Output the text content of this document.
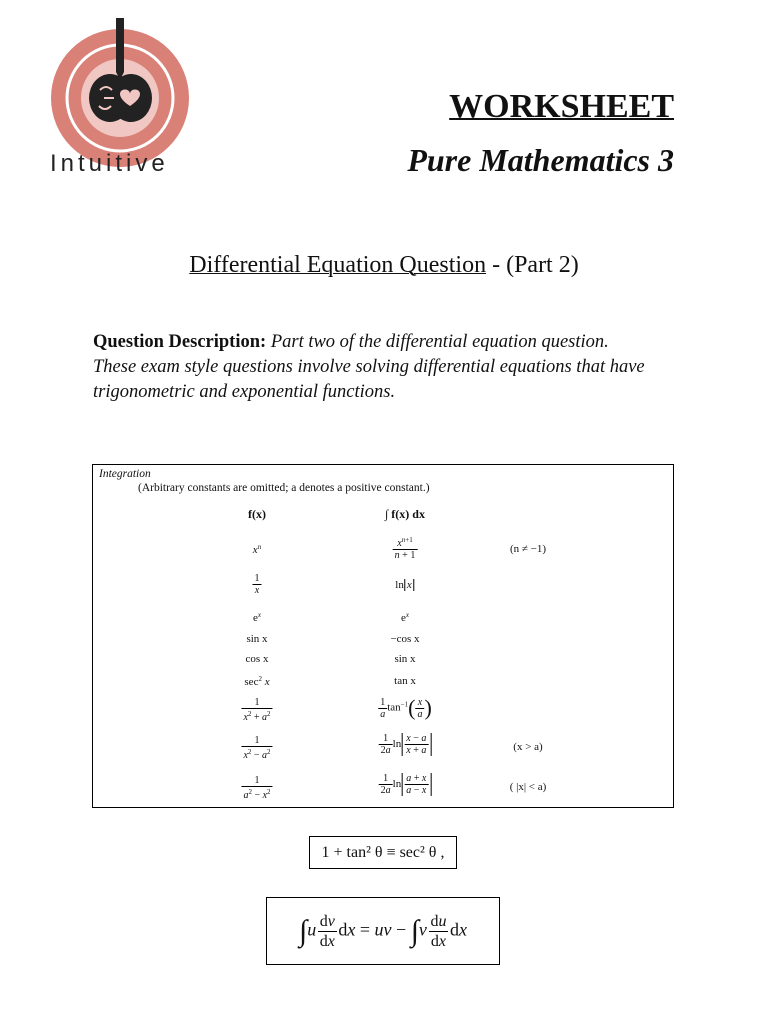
Intuitive

WORKSHEET
Pure Mathematics 3

Differential Equation Question - (Part 2)

Question Description: Part two of the differential equation question. These exam style questions involve solving differential equations that have trigonometric and exponential functions.

Integration

(Arbitrary constants are omitted; a denotes a positive constant.)

f(x)	∫ f(x) dx
$x^n$	$\frac{x^{n+1}}{n + 1}$	(n ≠ −1)
$\frac{1}{x}$	ln x
$e^x$	$e^x$
sin x	−cos x
cos x	sin x
$\sec^2 x$	tan x
$\frac{1}{x^2 + a^2}$	$\frac{1}{a} \tan^{-1}( \frac{x}{a}$ )
$\frac{1}{x^2 - a^2}$	$\frac{1}{2a}$ $\ln \frac{x - a}{x + a}$	(x > a)
$\frac{1}{a^2 - x^2}$	$\frac{1}{2a}$ $\ln \frac{a + x}{a - x}$	( |x| < a)
1 + tan² θ ≡ sec² θ ,
∫u  $\frac{dv}{dx}$  dx = uv − ∫v  $\frac{du}{dx}$  dx
